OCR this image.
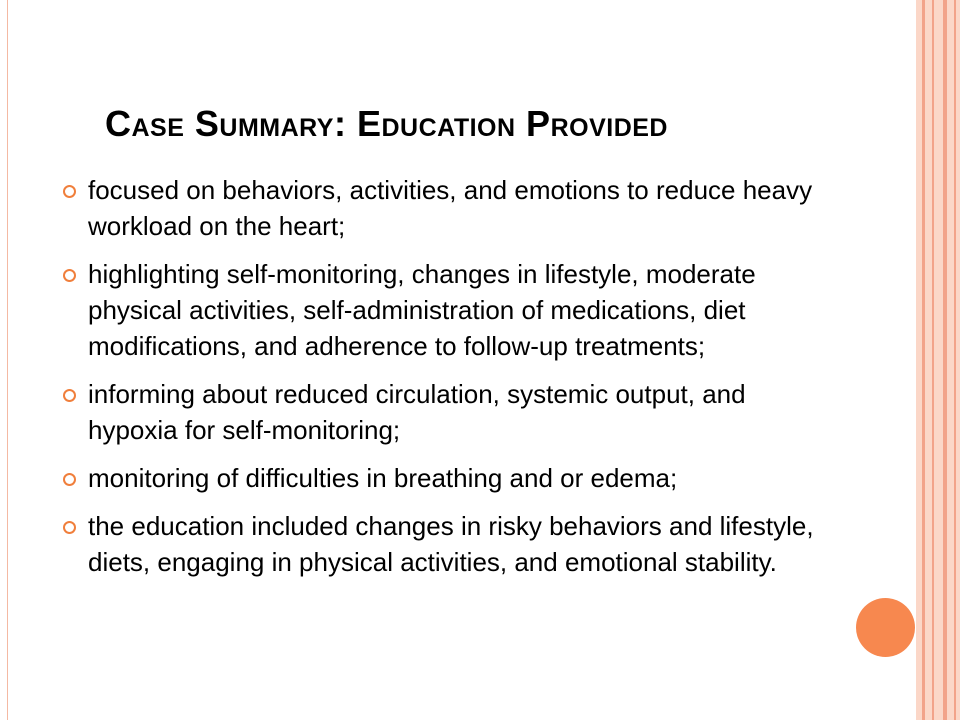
Case Summary: Education Provided
focused on behaviors, activities, and emotions to reduce heavy workload on the heart;
highlighting self-monitoring, changes in lifestyle, moderate physical activities, self-administration of medications, diet modifications, and adherence to follow-up treatments;
informing about reduced circulation, systemic output, and hypoxia for self-monitoring;
monitoring of difficulties in breathing and or edema;
the education included changes in risky behaviors and lifestyle, diets, engaging in physical activities, and emotional stability.
